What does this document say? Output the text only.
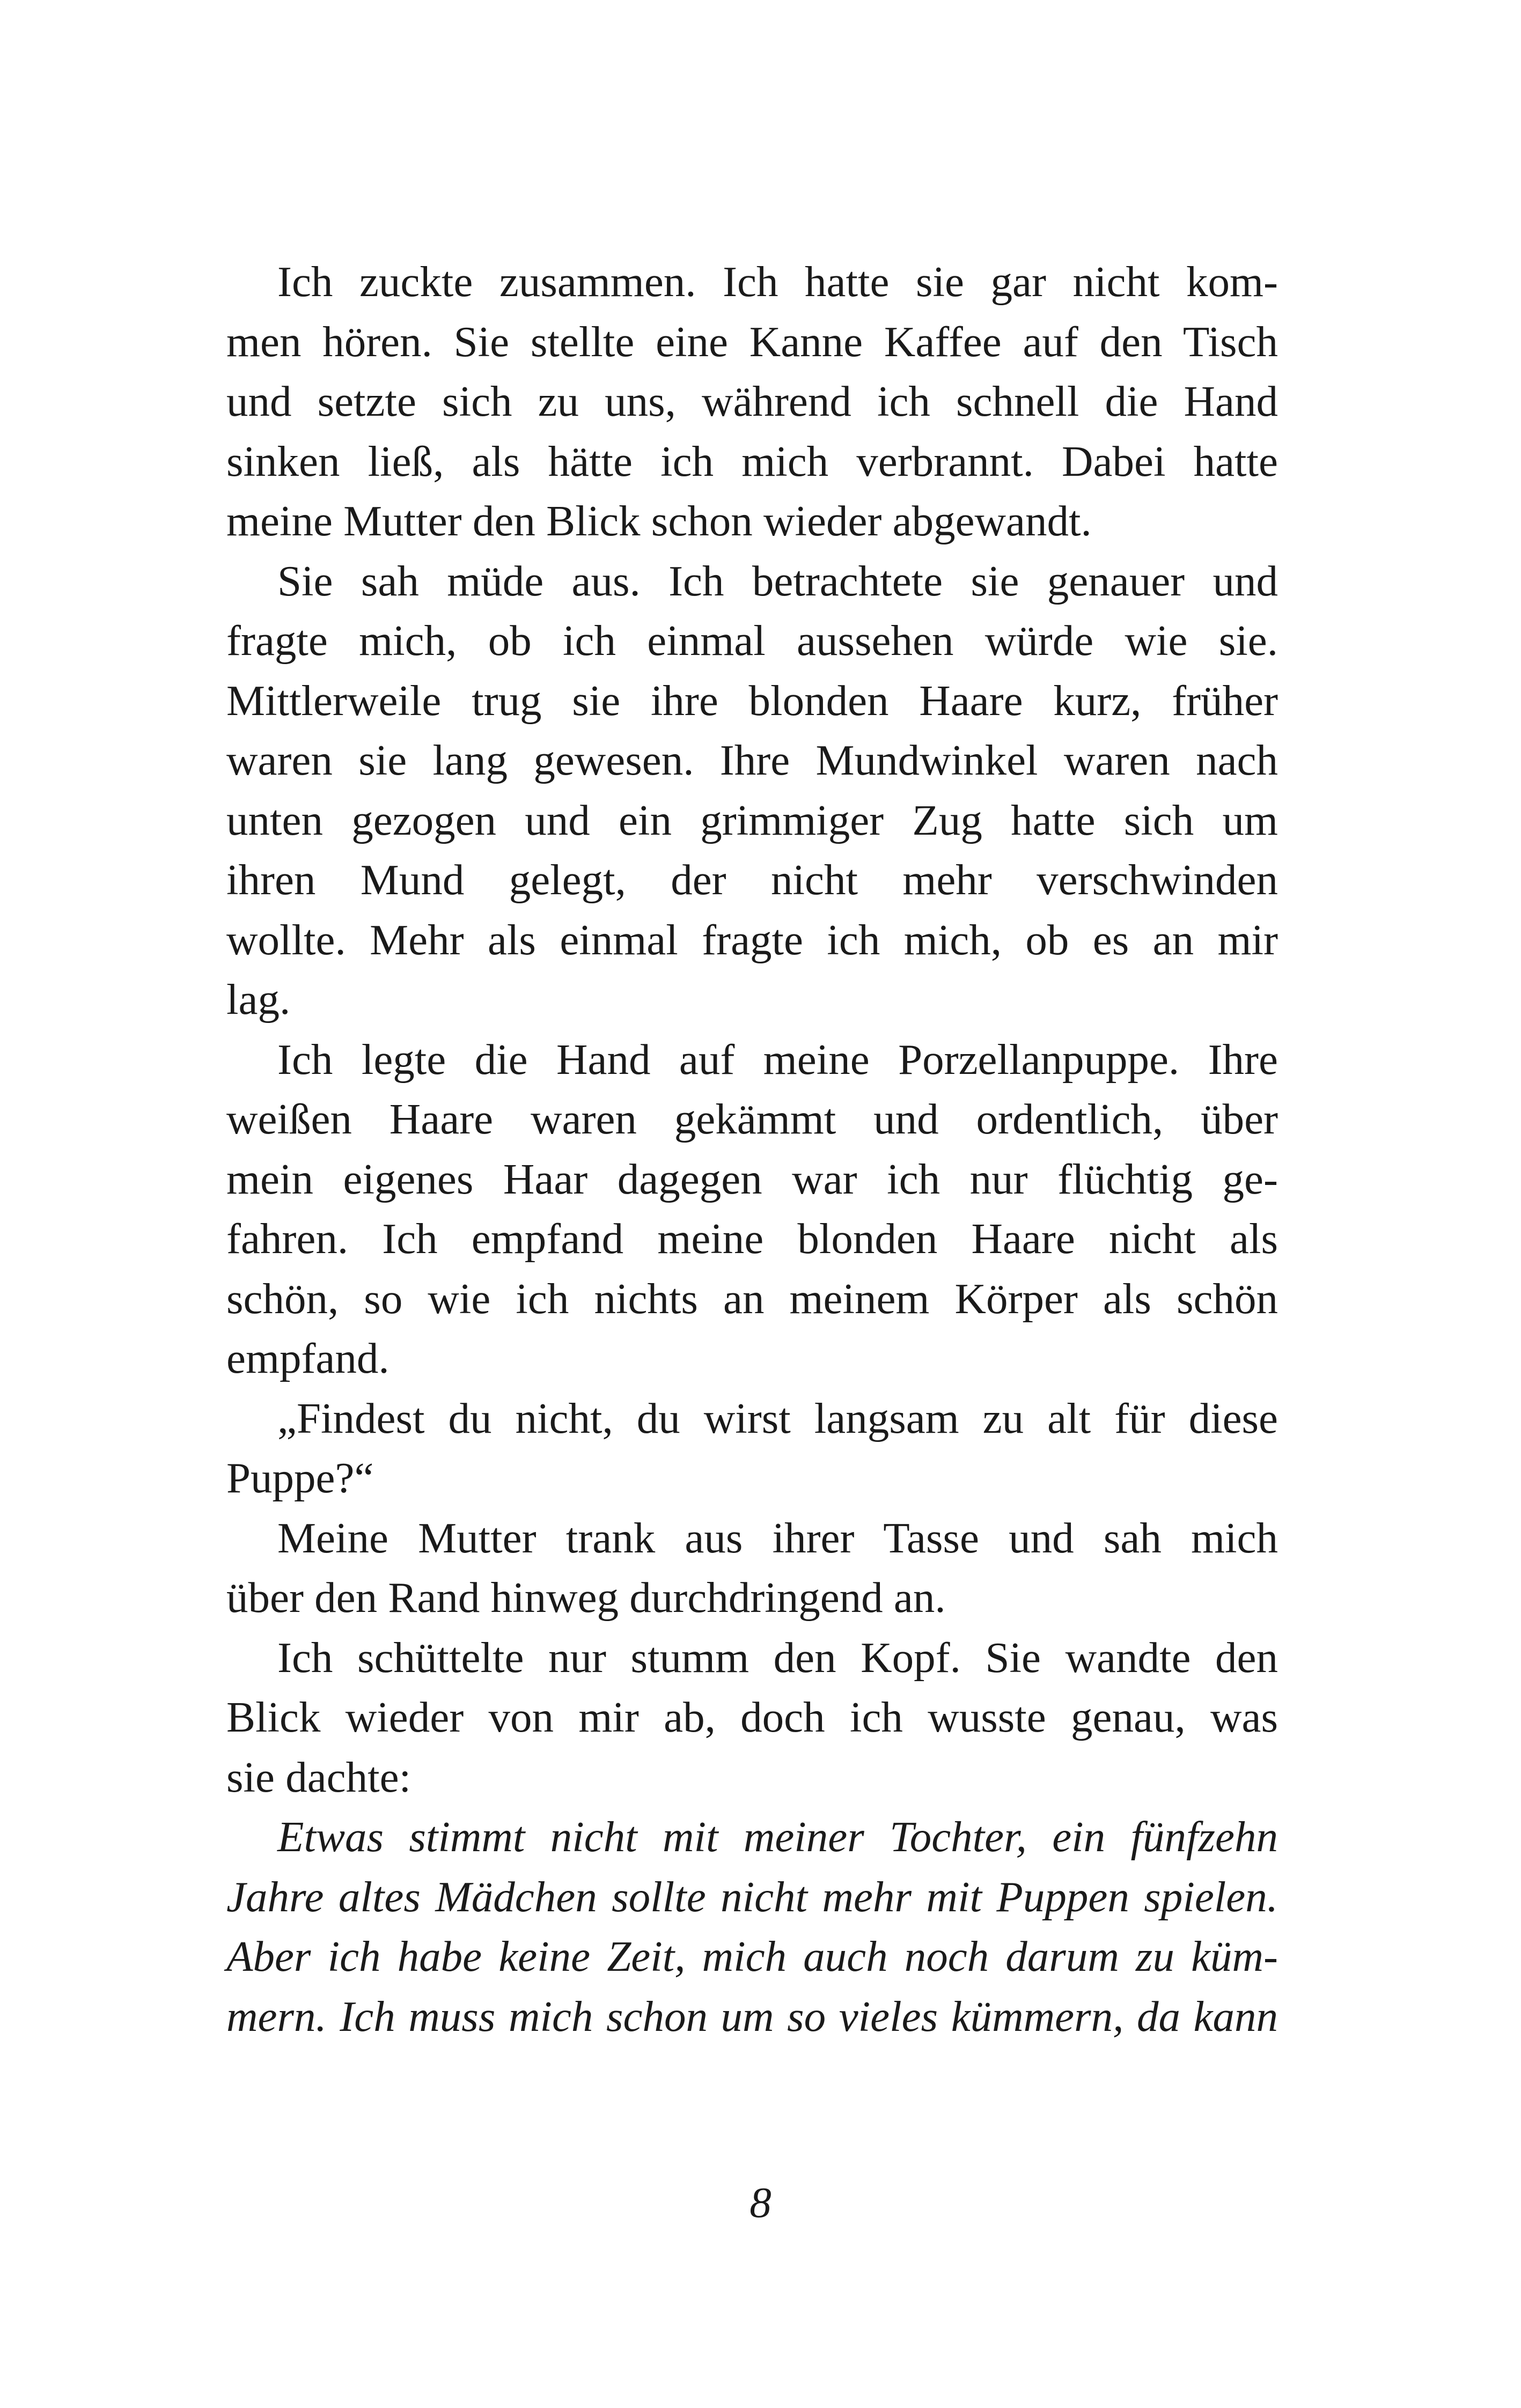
Ich zuckte zusammen. Ich hatte sie gar nicht kom-
men hören. Sie stellte eine Kanne Kaffee auf den Tisch
und setzte sich zu uns, während ich schnell die Hand
sinken ließ, als hätte ich mich verbrannt. Dabei hatte
meine Mutter den Blick schon wieder abgewandt.
Sie sah müde aus. Ich betrachtete sie genauer und
fragte mich, ob ich einmal aussehen würde wie sie.
Mittlerweile trug sie ihre blonden Haare kurz, früher
waren sie lang gewesen. Ihre Mundwinkel waren nach
unten gezogen und ein grimmiger Zug hatte sich um
ihren Mund gelegt, der nicht mehr verschwinden
wollte. Mehr als einmal fragte ich mich, ob es an mir
lag.
Ich legte die Hand auf meine Porzellanpuppe. Ihre
weißen Haare waren gekämmt und ordentlich, über
mein eigenes Haar dagegen war ich nur flüchtig ge-
fahren. Ich empfand meine blonden Haare nicht als
schön, so wie ich nichts an meinem Körper als schön
empfand.
„Findest du nicht, du wirst langsam zu alt für diese
Puppe?“
Meine Mutter trank aus ihrer Tasse und sah mich
über den Rand hinweg durchdringend an.
Ich schüttelte nur stumm den Kopf. Sie wandte den
Blick wieder von mir ab, doch ich wusste genau, was
sie dachte:
Etwas stimmt nicht mit meiner Tochter, ein fünfzehn
Jahre altes Mädchen sollte nicht mehr mit Puppen spielen.
Aber ich habe keine Zeit, mich auch noch darum zu küm-
mern. Ich muss mich schon um so vieles kümmern, da kann
8
